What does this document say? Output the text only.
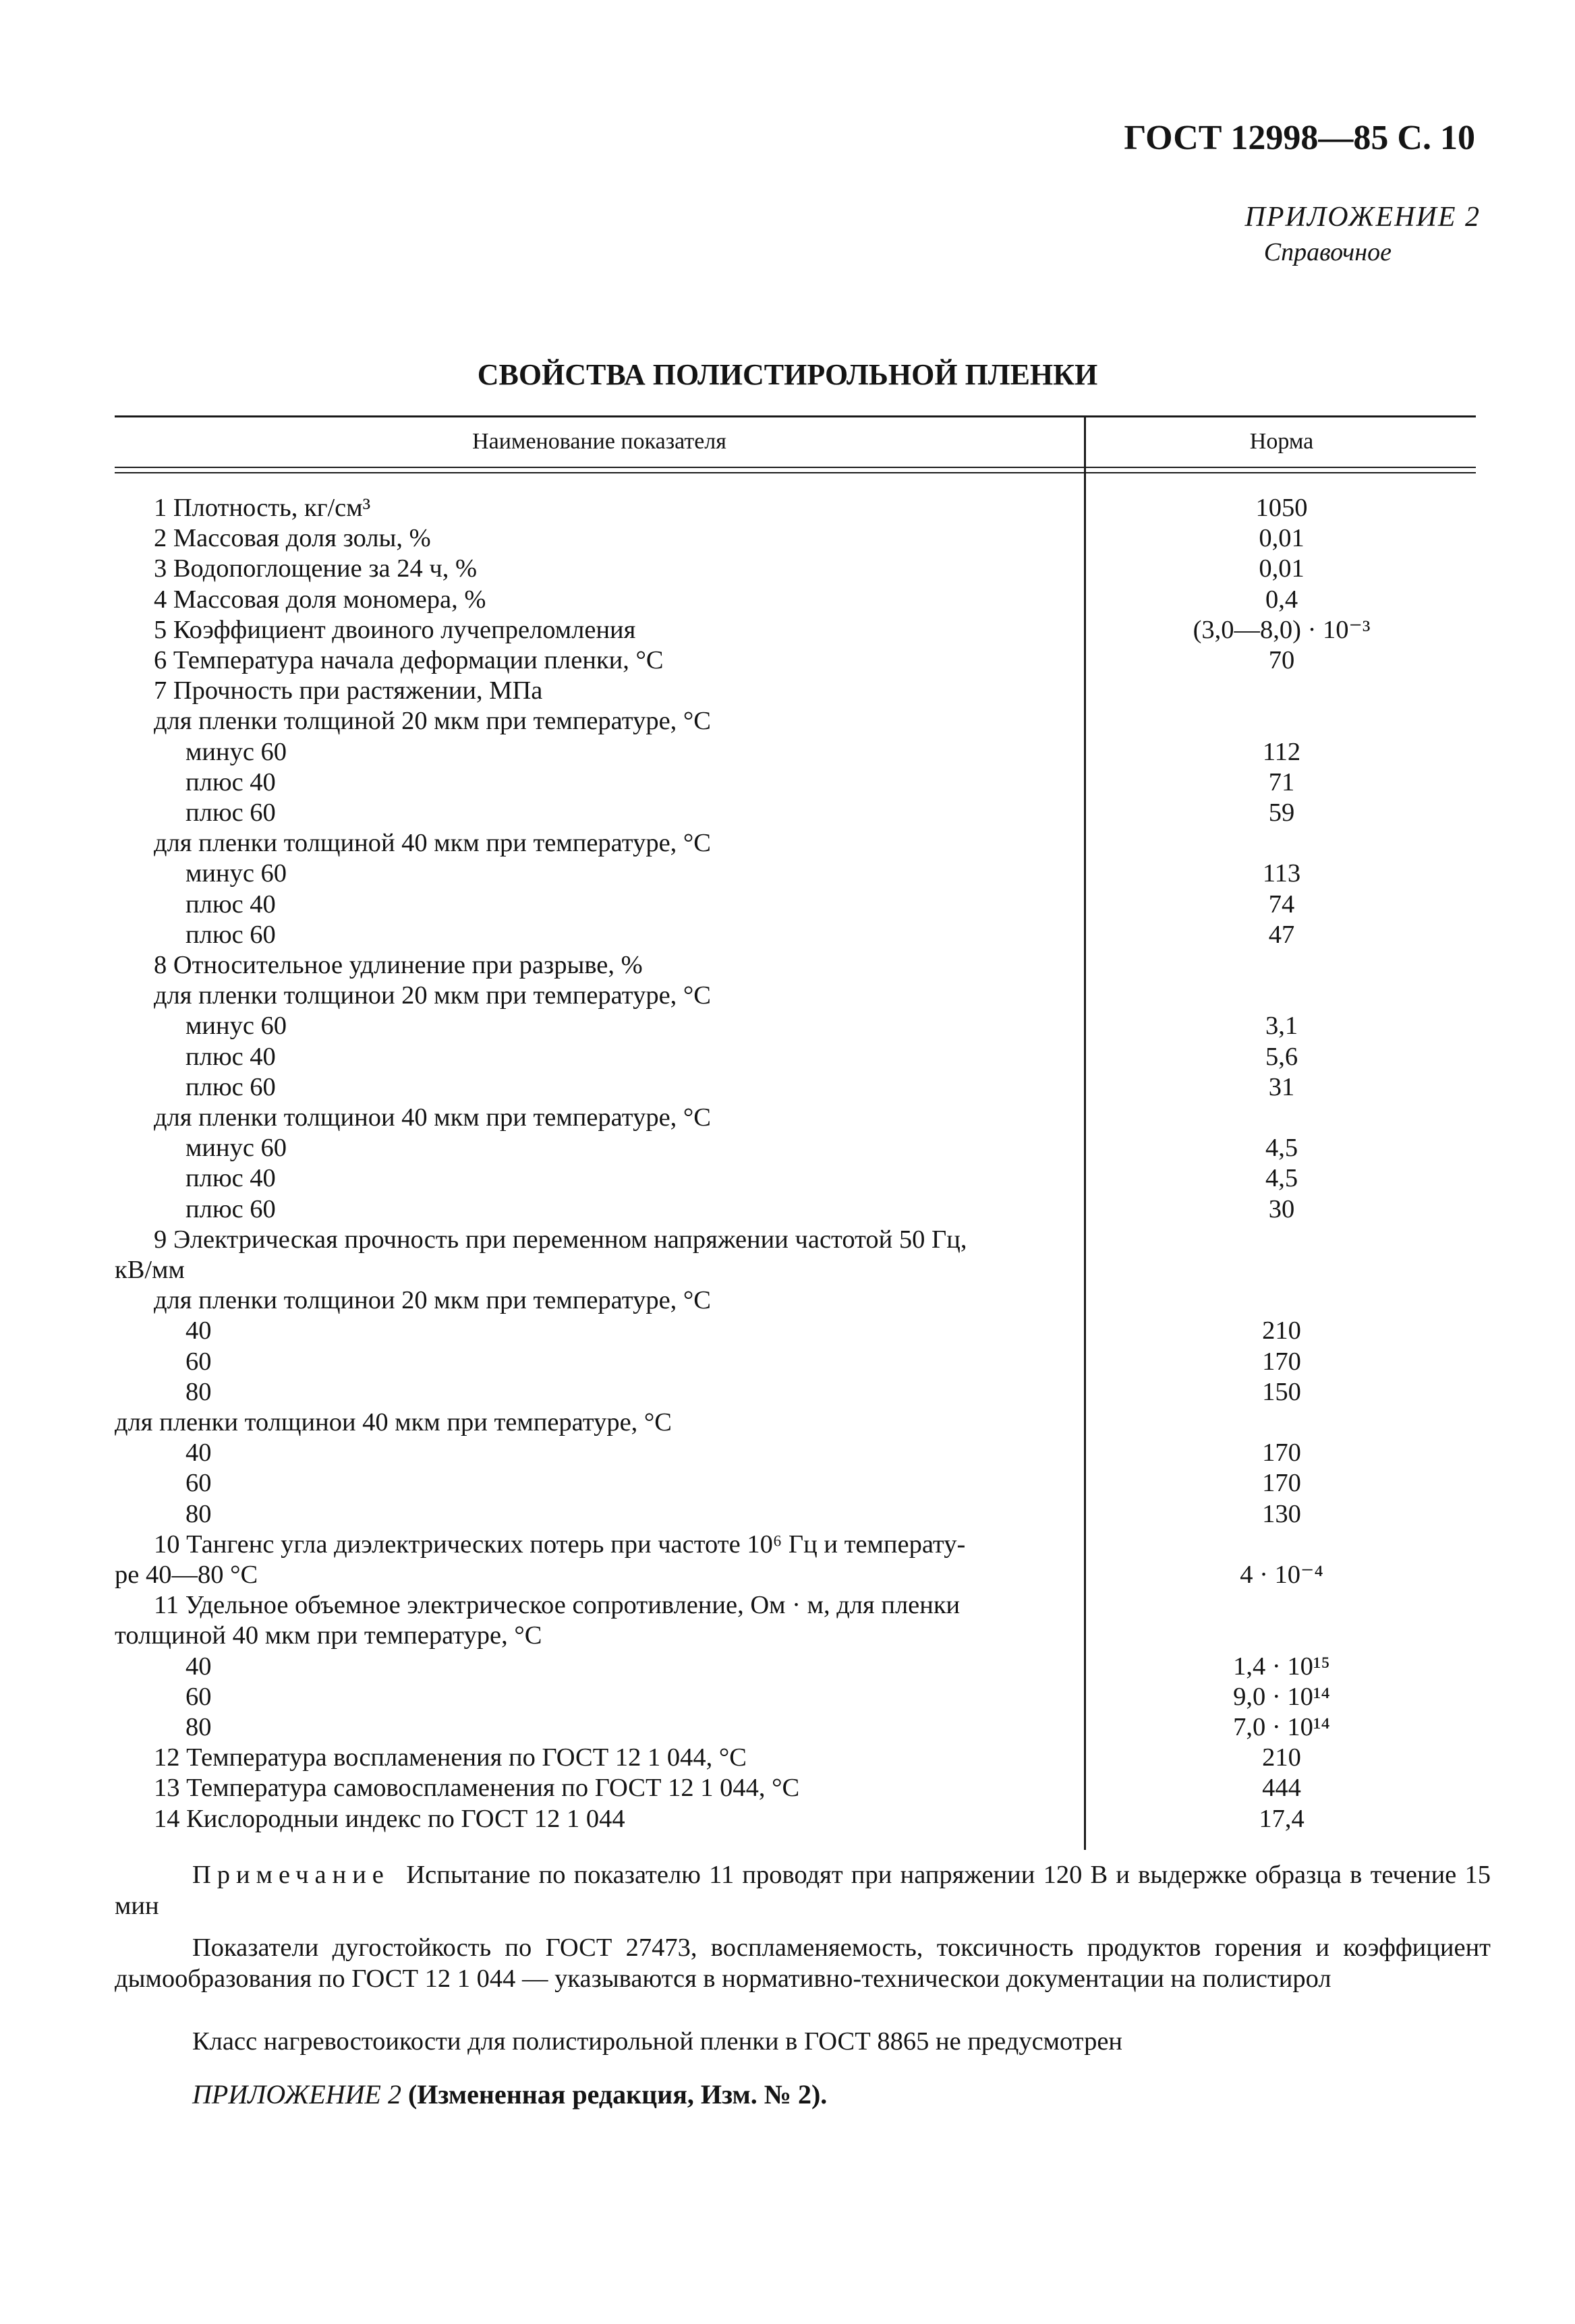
ГОСТ 12998—85 С. 10
ПРИЛОЖЕНИЕ 2
Справочное
СВОЙСТВА ПОЛИСТИРОЛЬНОЙ ПЛЕНКИ
Наименование показателя	Норма
1 Плотность, кг/см³	1050
2 Массовая доля золы, %	0,01
3 Водопоглощение за 24 ч, %	0,01
4 Массовая доля мономера, %	0,4
5 Коэффициент двоиного лучепреломления	(3,0—8,0) · 10⁻³
6 Температура начала деформации пленки, °С	70
7 Прочность при растяжении, МПа
для пленки толщиной 20 мкм при температуре, °С
минус 60	112
плюс 40	71
плюс 60	59
для пленки толщиной 40 мкм при температуре, °С
минус 60	113
плюс 40	74
плюс 60	47
8 Относительное удлинение при разрыве, %
для пленки толщинои 20 мкм при температуре, °С
минус 60	3,1
плюс 40	5,6
плюс 60	31
для пленки толщинои 40 мкм при температуре, °С
минус 60	4,5
плюс 40	4,5
плюс 60	30
9 Электрическая прочность при переменном напряжении частотой 50 Гц,
кВ/мм
для пленки толщинои 20 мкм при температуре, °С
40	210
60	170
80	150
для пленки толщинои 40 мкм при температуре, °С
40	170
60	170
80	130
10 Тангенс угла диэлектрических потерь при частоте 10⁶ Гц и температу-
ре 40—80 °С	4 · 10⁻⁴
11 Удельное объемное электрическое сопротивление, Ом · м, для пленки
толщиной 40 мкм при температуре, °С
40	1,4 · 10¹⁵
60	9,0 · 10¹⁴
80	7,0 · 10¹⁴
12 Температура воспламенения по ГОСТ 12 1 044, °С	210
13 Температура самовоспламенения по ГОСТ 12 1 044, °С	444
14 Кислородныи индекс по ГОСТ 12 1 044	17,4
Примечание Испытание по показателю 11 проводят при напряжении 120 В и выдержке образца в течение 15 мин
Показатели дугостойкость по ГОСТ 27473, воспламеняемость, токсичность продуктов горения и коэффициент дымообразования по ГОСТ 12 1 044 — указываются в нормативно-техническои документации на полистирол
Класс нагревостоикости для полистирольной пленки в ГОСТ 8865 не предусмотрен
ПРИЛОЖЕНИЕ 2 (Измененная редакция, Изм. № 2).
